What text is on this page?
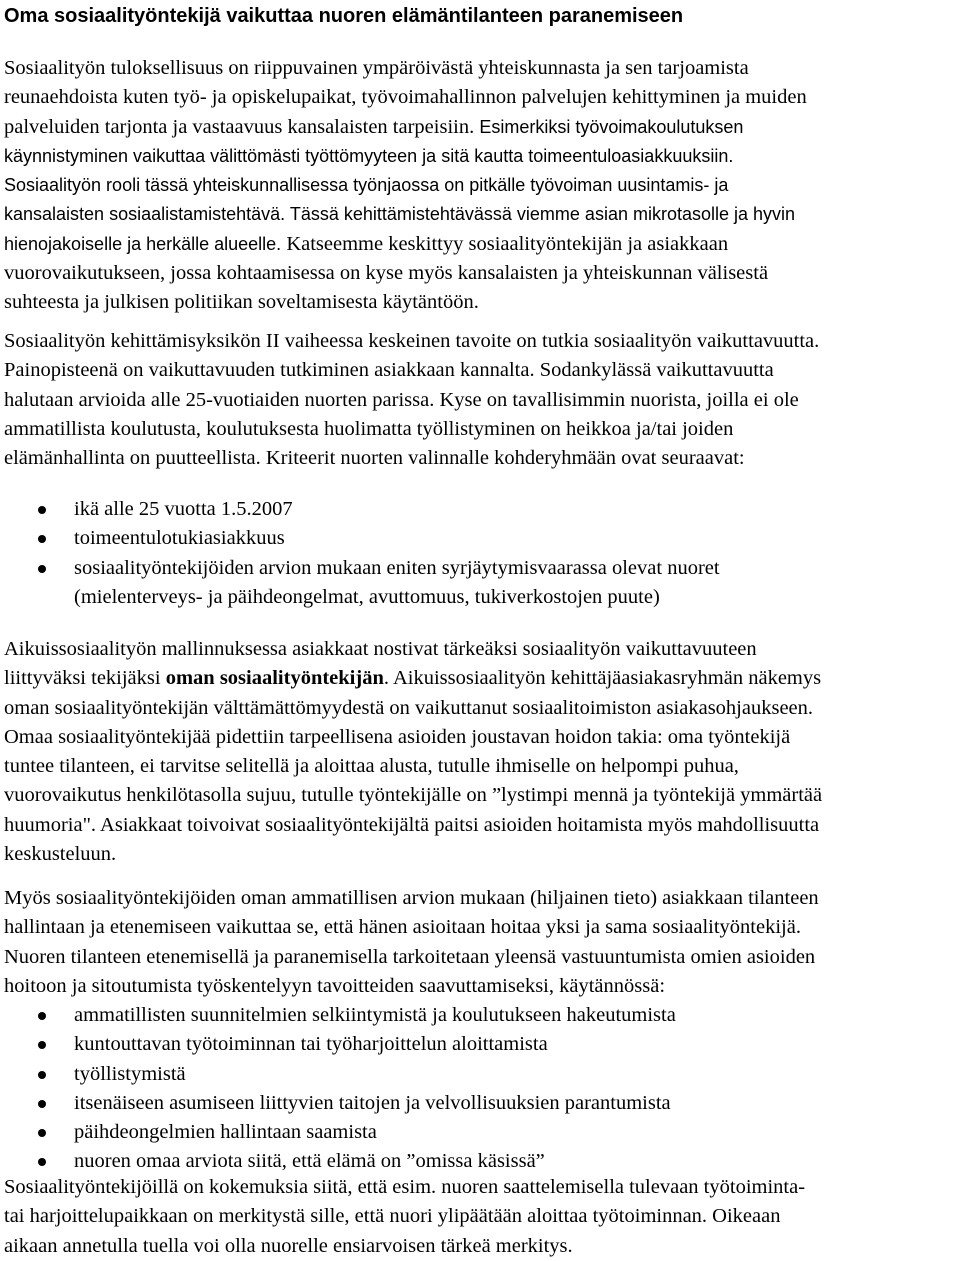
Oma sosiaalityöntekijä vaikuttaa nuoren elämäntilanteen paranemiseen
Sosiaalityön tuloksellisuus on riippuvainen ympäröivästä yhteiskunnasta ja sen tarjoamista
reunaehdoista kuten työ- ja opiskelupaikat, työvoimahallinnon palvelujen kehittyminen ja muiden
palveluiden tarjonta ja vastaavuus kansalaisten tarpeisiin. Esimerkiksi työvoimakoulutuksen
käynnistyminen vaikuttaa välittömästi työttömyyteen ja sitä kautta toimeentuloasiakkuuksiin.
Sosiaalityön rooli tässä yhteiskunnallisessa työnjaossa on pitkälle työvoiman uusintamis- ja
kansalaisten sosiaalistamistehtävä. Tässä kehittämistehtävässä viemme asian mikrotasolle ja hyvin
hienojakoiselle ja herkälle alueelle. Katseemme keskittyy sosiaalityöntekijän ja asiakkaan
vuorovaikutukseen, jossa kohtaamisessa on kyse myös kansalaisten ja yhteiskunnan välisestä
suhteesta ja julkisen politiikan soveltamisesta käytäntöön.
Sosiaalityön kehittämisyksikön II vaiheessa keskeinen tavoite on tutkia sosiaalityön vaikuttavuutta.
Painopisteenä on vaikuttavuuden tutkiminen asiakkaan kannalta. Sodankylässä vaikuttavuutta
halutaan arvioida alle 25-vuotiaiden nuorten parissa. Kyse on tavallisimmin nuorista, joilla ei ole
ammatillista koulutusta, koulutuksesta huolimatta työllistyminen on heikkoa ja/tai joiden
elämänhallinta on puutteellista. Kriteerit nuorten valinnalle kohderyhmään ovat seuraavat:
ikä alle 25 vuotta 1.5.2007
toimeentulotukiasiakkuus
sosiaalityöntekijöiden arvion mukaan eniten syrjäytymisvaarassa olevat nuoret
(mielenterveys- ja päihdeongelmat, avuttomuus, tukiverkostojen puute)
Aikuissosiaalityön mallinnuksessa asiakkaat nostivat tärkeäksi sosiaalityön vaikuttavuuteen
liittyväksi tekijäksi oman sosiaalityöntekijän. Aikuissosiaalityön kehittäjäasiakasryhmän näkemys
oman sosiaalityöntekijän välttämättömyydestä on vaikuttanut sosiaalitoimiston asiakasohjaukseen.
Omaa sosiaalityöntekijää pidettiin tarpeellisena asioiden joustavan hoidon takia: oma työntekijä
tuntee tilanteen, ei tarvitse selitellä ja aloittaa alusta, tutulle ihmiselle on helpompi puhua,
vuorovaikutus henkilötasolla sujuu, tutulle työntekijälle on ”lystimpi mennä ja työntekijä ymmärtää
huumoria". Asiakkaat toivoivat sosiaalityöntekijältä paitsi asioiden hoitamista myös mahdollisuutta
keskusteluun.
Myös sosiaalityöntekijöiden oman ammatillisen arvion mukaan (hiljainen tieto) asiakkaan tilanteen
hallintaan ja etenemiseen vaikuttaa se, että hänen asioitaan hoitaa yksi ja sama sosiaalityöntekijä.
Nuoren tilanteen etenemisellä ja paranemisella tarkoitetaan yleensä vastuuntumista omien asioiden
hoitoon ja sitoutumista työskentelyyn tavoitteiden saavuttamiseksi, käytännössä:
ammatillisten suunnitelmien selkiintymistä ja koulutukseen hakeutumista
kuntouttavan työtoiminnan tai työharjoittelun aloittamista
työllistymistä
itsenäiseen asumiseen liittyvien taitojen ja velvollisuuksien parantumista
päihdeongelmien hallintaan saamista
nuoren omaa arviota siitä, että elämä on ”omissa käsissä”
Sosiaalityöntekijöillä on kokemuksia siitä, että esim. nuoren saattelemisella tulevaan työtoiminta-
tai harjoittelupaikkaan on merkitystä sille, että nuori ylipäätään aloittaa työtoiminnan. Oikeaan
aikaan annetulla tuella voi olla nuorelle ensiarvoisen tärkeä merkitys.
